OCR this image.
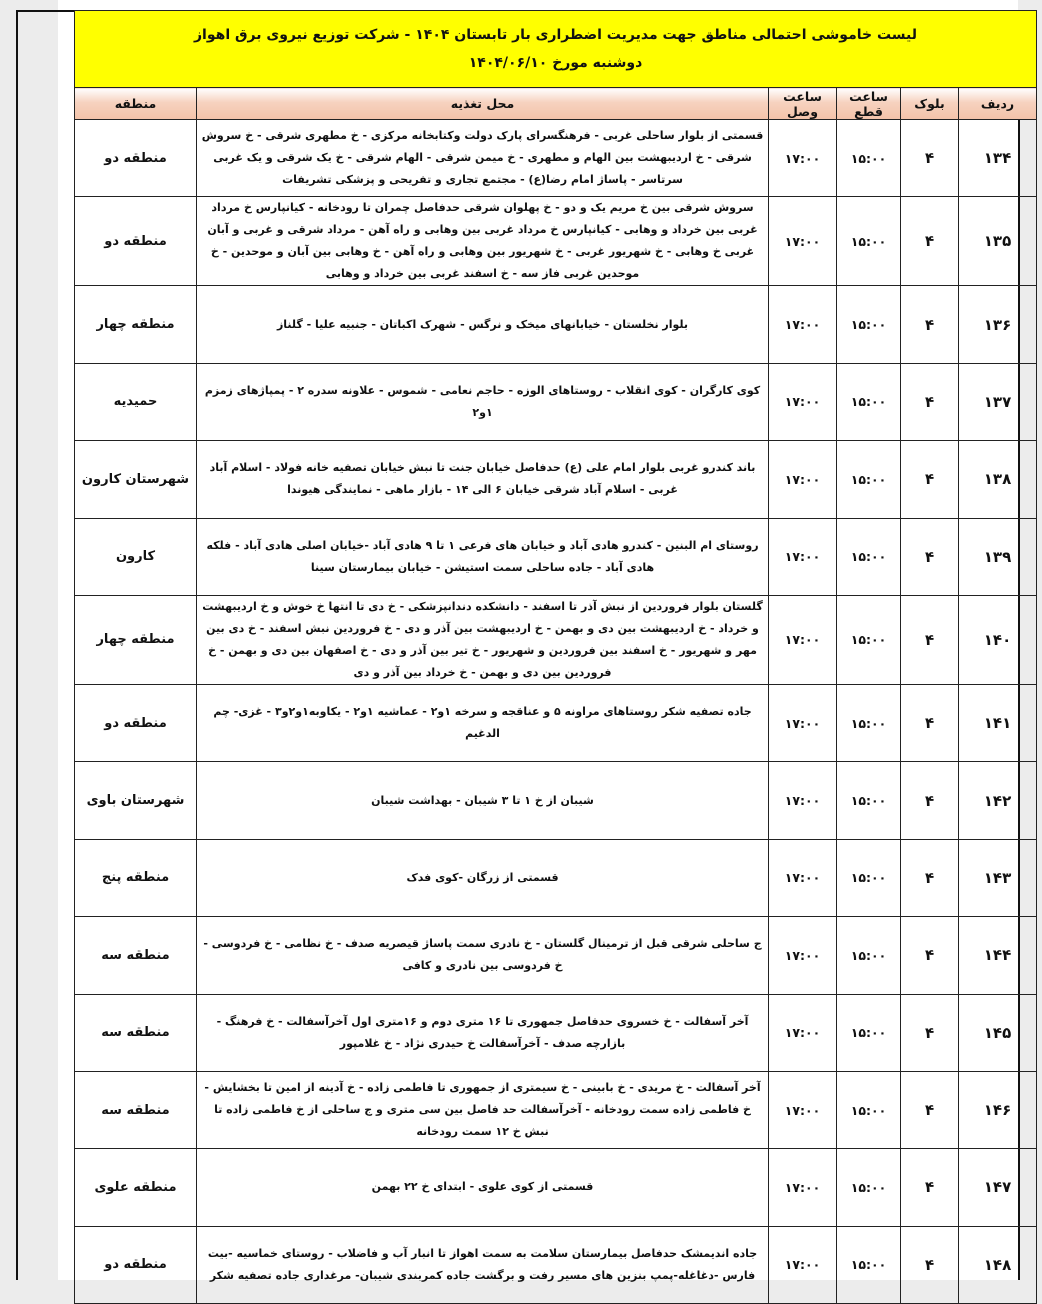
لیست خاموشی احتمالی مناطق جهت مدیریت اضطراری بار تابستان ۱۴۰۴ - شرکت توزیع نیروی برق اهواز
دوشنبه مورخ ۱۴۰۴/۰۶/۱۰					

ردیف	بلوک	ساعت قطع	ساعت وصل	محل تغذیه	منطقه
۱۳۴	۴	۱۵:۰۰	۱۷:۰۰	قسمتی از بلوار ساحلی غربی - فرهنگسرای پارک دولت وکتابخانه مرکزی - خ مطهری شرقی - خ سروش شرقی - خ اردیبهشت بین الهام و مطهری - خ میمن شرقی - الهام شرقی - خ یک شرقی و یک غربی سرتاسر - پاساژ امام رضا(ع) - مجتمع تجاری و تفریحی و پزشکی تشریفات	منطقه دو
۱۳۵	۴	۱۵:۰۰	۱۷:۰۰	سروش شرقی بین خ مریم یک و دو - خ پهلوان شرقی حدفاصل چمران تا رودخانه - کیانپارس خ مرداد غربی بین خرداد و وهابی - کیانپارس خ مرداد غربی بین وهابی و راه آهن - مرداد شرقی و غربی و آبان غربی خ وهابی - خ شهریور غربی - خ شهریور بین وهابی و راه آهن - خ وهابی بین آبان و موحدین - خ موحدین غربی فاز سه - خ اسفند غربی بین خرداد و وهابی	منطقه دو
۱۳۶	۴	۱۵:۰۰	۱۷:۰۰	بلوار نخلستان - خیابانهای میخک و نرگس - شهرک اکباتان - جنبیه علیا - گلناز	منطقه چهار
۱۳۷	۴	۱۵:۰۰	۱۷:۰۰	کوی کارگران - کوی انقلاب - روستاهای الوزه - حاجم نعامی - شموس - علاونه سدره ۲ - پمپاژهای زمزم ۱و۲	حمیدیه
۱۳۸	۴	۱۵:۰۰	۱۷:۰۰	باند کندرو غربی بلوار امام علی (ع) حدفاصل خیابان جنت تا نبش خیابان تصفیه خانه فولاد - اسلام آباد غربی - اسلام آباد شرقی خیابان ۶ الی ۱۴ - بازار ماهی - نمایندگی هیوندا	شهرستان کارون
۱۳۹	۴	۱۵:۰۰	۱۷:۰۰	روستای ام البنین - کندرو هادی آباد و خیابان های فرعی ۱ تا ۹ هادی آباد -خیابان اصلی هادی آباد - فلکه هادی آباد - جاده ساحلی سمت استیشن - خیابان بیمارستان سینا	کارون
۱۴۰	۴	۱۵:۰۰	۱۷:۰۰	گلستان بلوار فروردین از نبش آذر تا اسفند - دانشکده دندانپزشکی - خ دی تا انتها خ خوش و خ اردیبهشت و خرداد - خ اردیبهشت بین دی و بهمن - خ اردیبهشت بین آذر و دی - خ فروردین نبش اسفند - خ دی بین مهر و شهریور - خ اسفند بین فروردین و شهریور - خ تیر بین آذر و دی - خ اصفهان بین دی و بهمن - خ فروردین بین دی و بهمن - خ خرداد بین آذر و دی	منطقه چهار
۱۴۱	۴	۱۵:۰۰	۱۷:۰۰	جاده تصفیه شکر روستاهای مراونه ۵ و عناقجه و سرخه ۱و۲ - عماشیه ۱و۲ - یکاوبه۱و۲و۳ - غزی- چم الدغیم	منطقه دو
۱۴۲	۴	۱۵:۰۰	۱۷:۰۰	شیبان از خ ۱ تا ۳ شیبان - بهداشت شیبان	شهرستان باوی
۱۴۳	۴	۱۵:۰۰	۱۷:۰۰	قسمتی از زرگان -کوی فدک	منطقه پنج
۱۴۴	۴	۱۵:۰۰	۱۷:۰۰	ج ساحلی شرقی قبل از ترمینال گلستان - خ نادری سمت پاساژ قیصریه صدف - خ نظامی - خ فردوسی - خ فردوسی بین نادری و کافی	منطقه سه
۱۴۵	۴	۱۵:۰۰	۱۷:۰۰	آخر آسفالت - خ خسروی حدفاصل جمهوری تا ۱۶ متری دوم و ۱۶متری اول آخرآسفالت - خ فرهنگ - بازارچه صدف - آخرآسفالت خ حیدری نژاد - خ غلامپور	منطقه سه
۱۴۶	۴	۱۵:۰۰	۱۷:۰۰	آخر آسفالت - خ مریدی - خ بابینی - خ سیمتری از جمهوری تا فاطمی زاده - خ آدینه از امین تا بخشایش - خ فاطمی زاده سمت رودخانه - آخرآسفالت حد فاصل بین سی متری و ج ساحلی از خ فاطمی زاده تا نبش خ ۱۲ سمت رودخانه	منطقه سه
۱۴۷	۴	۱۵:۰۰	۱۷:۰۰	قسمتی از کوی علوی - ابتدای خ ۲۲ بهمن	منطقه علوی
۱۴۸	۴	۱۵:۰۰	۱۷:۰۰	جاده اندیمشک حدفاصل بیمارستان سلامت به سمت اهواز تا انبار آب و فاضلاب - روستای خماسیه -بیت فارس -دغاغله-پمپ بنزین های مسیر رفت و برگشت جاده کمربندی شیبان- مرغداری جاده تصفیه شکر	منطقه دو
